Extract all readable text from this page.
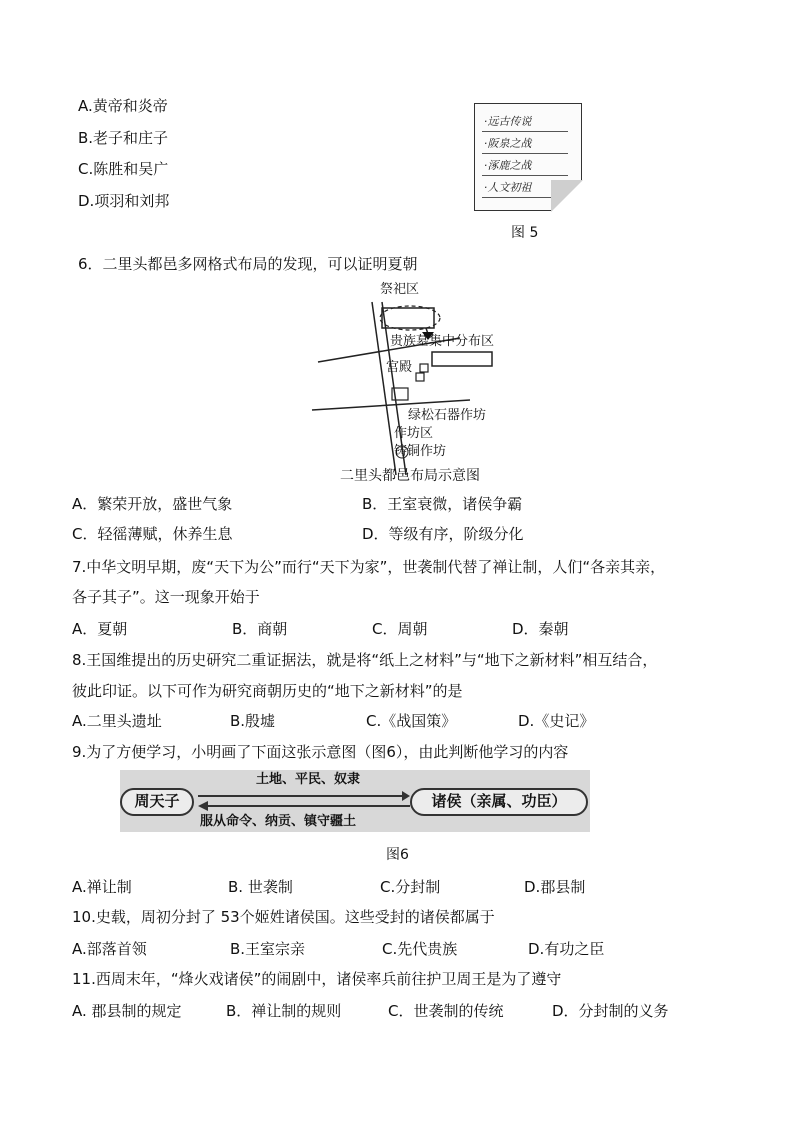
A.黄帝和炎帝
B.老子和庄子
C.陈胜和吴广
D.项羽和刘邦
·远古传说
·阪泉之战
·涿鹿之战
·人文初祖
图 5
6．二里头都邑多网格式布局的发现，可以证明夏朝
祭祀区
贵族墓集中分布区
宫殿
绿松石器作坊
作坊区
铸铜作坊
二里头都邑布局示意图
A．繁荣开放，盛世气象	B．王室衰微，诸侯争霸
C．轻徭薄赋，休养生息	D．等级有序，阶级分化
7.中华文明早期，废“天下为公”而行“天下为家”，世袭制代替了禅让制，人们“各亲其亲，
各子其子”。这一现象开始于
A．夏朝	B．商朝	C．周朝	D．秦朝
8.王国维提出的历史研究二重证据法，就是将“纸上之材料”与“地下之新材料”相互结合，
彼此印证。以下可作为研究商朝历史的“地下之新材料”的是
A.二里头遗址	B.殷墟	C.《战国策》	D.《史记》
9.为了方便学习，小明画了下面这张示意图（图6），由此判断他学习的内容
周天子	诸侯（亲属、功臣）
土地、平民、奴隶
服从命令、纳贡、镇守疆土
图6
A.禅让制	B. 世袭制	C.分封制	D.郡县制
10.史载，周初分封了 53个姬姓诸侯国。这些受封的诸侯都属于
A.部落首领	B.王室宗亲	C.先代贵族	D.有功之臣
11.西周末年，“烽火戏诸侯”的闹剧中，诸侯率兵前往护卫周王是为了遵守
A. 郡县制的规定	B．禅让制的规则	C．世袭制的传统	D．分封制的义务
